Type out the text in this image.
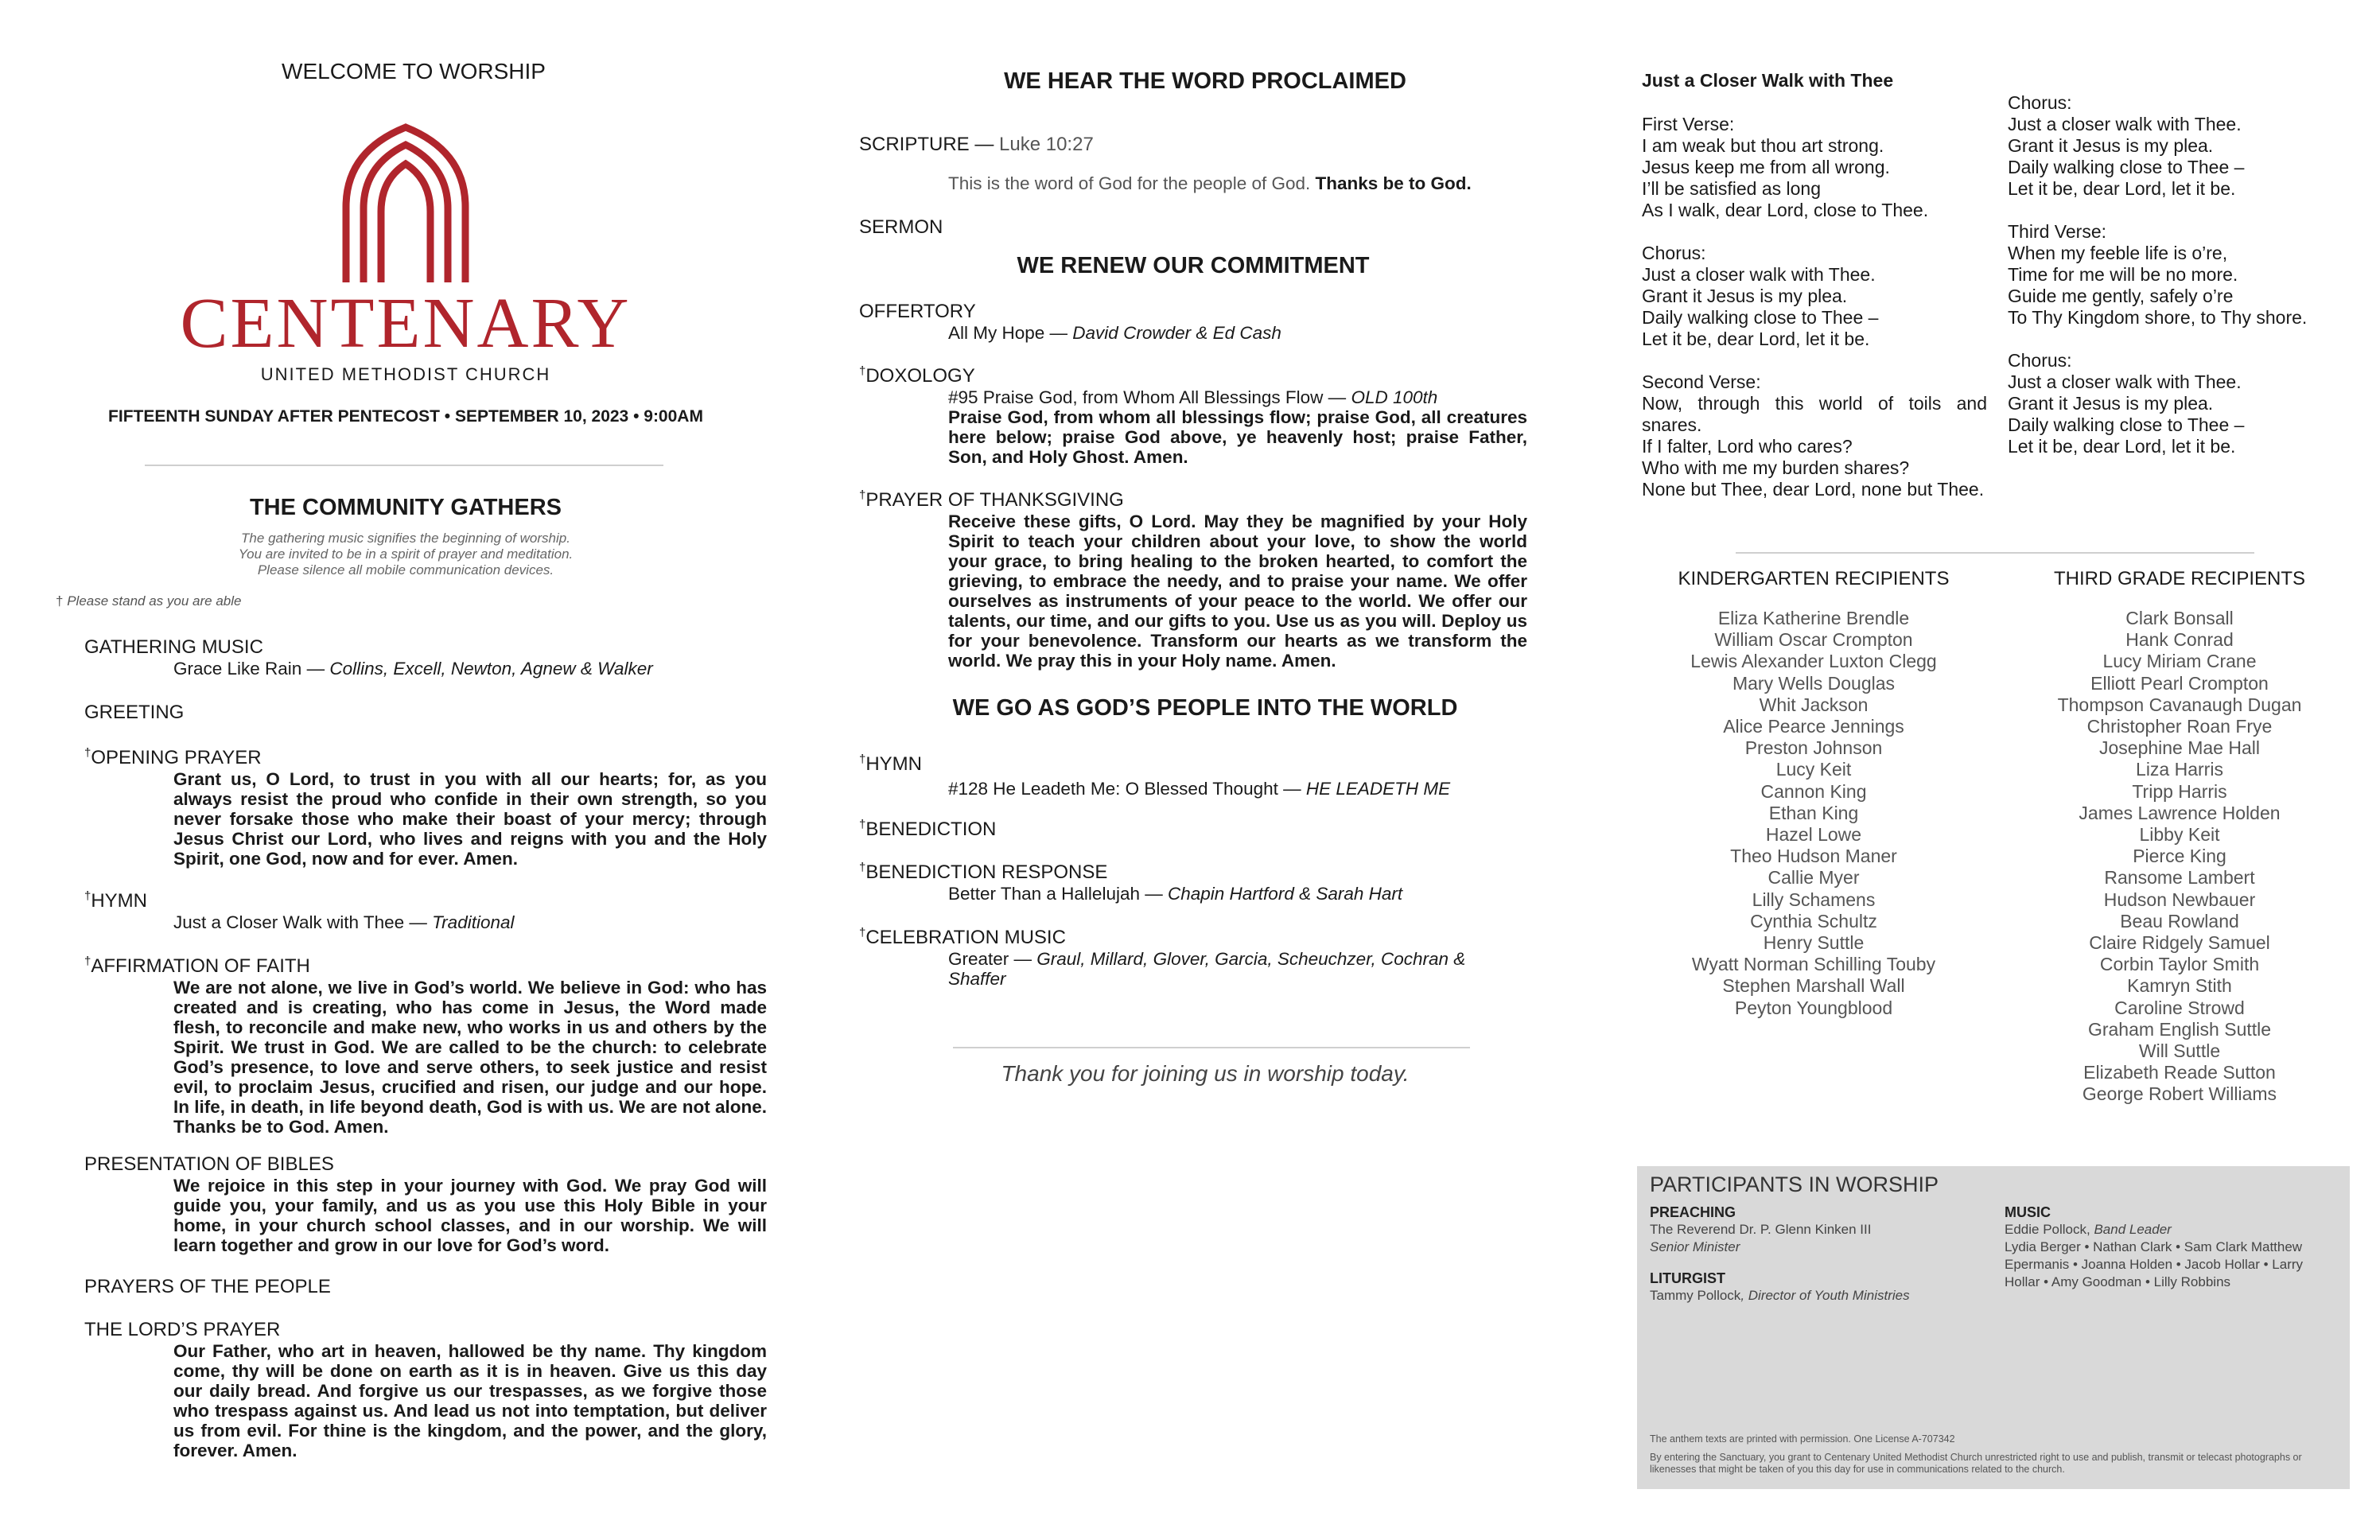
WELCOME TO WORSHIP
CENTENARY
UNITED METHODIST CHURCH
FIFTEENTH SUNDAY AFTER PENTECOST • SEPTEMBER 10, 2023 • 9:00AM
THE COMMUNITY GATHERS
The gathering music signifies the beginning of worship.
You are invited to be in a spirit of prayer and meditation.
Please silence all mobile communication devices.
† Please stand as you are able
GATHERING MUSIC
Grace Like Rain — Collins, Excell, Newton, Agnew & Walker
GREETING
†OPENING PRAYER
Grant us, O Lord, to trust in you with all our hearts; for, as you always resist the proud who confide in their own strength, so you never forsake those who make their boast of your mercy; through Jesus Christ our Lord, who lives and reigns with you and the Holy Spirit, one God, now and for ever. Amen.
†HYMN
Just a Closer Walk with Thee — Traditional
†AFFIRMATION OF FAITH
We are not alone, we live in God’s world. We believe in God: who has created and is creating, who has come in Jesus, the Word made flesh, to reconcile and make new, who works in us and others by the Spirit. We trust in God. We are called to be the church: to celebrate God’s presence, to love and serve others, to seek justice and resist evil, to proclaim Jesus, crucified and risen, our judge and our hope. In life, in death, in life beyond death, God is with us. We are not alone. Thanks be to God. Amen.
PRESENTATION OF BIBLES
We rejoice in this step in your journey with God. We pray God will guide you, your family, and us as you use this Holy Bible in your home, in your church school classes, and in our worship. We will learn together and grow in our love for God’s word.
PRAYERS OF THE PEOPLE
THE LORD’S PRAYER
Our Father, who art in heaven, hallowed be thy name. Thy kingdom come, thy will be done on earth as it is in heaven. Give us this day our daily bread. And forgive us our trespasses, as we forgive those who trespass against us. And lead us not into temptation, but deliver us from evil. For thine is the kingdom, and the power, and the glory, forever. Amen.
WE HEAR THE WORD PROCLAIMED
SCRIPTURE — Luke 10:27
This is the word of God for the people of God. Thanks be to God.
SERMON
WE RENEW OUR COMMITMENT
OFFERTORY
All My Hope — David Crowder & Ed Cash
†DOXOLOGY
#95 Praise God, from Whom All Blessings Flow — OLD 100th
Praise God, from whom all blessings flow; praise God, all creatures here below; praise God above, ye heavenly host; praise Father, Son, and Holy Ghost. Amen.
†PRAYER OF THANKSGIVING
Receive these gifts, O Lord. May they be magnified by your Holy Spirit to teach your children about your love, to show the world your grace, to bring healing to the broken hearted, to comfort the grieving, to embrace the needy, and to praise your name. We offer ourselves as instruments of your peace to the world. We offer our talents, our time, and our gifts to you. Use us as you will. Deploy us for your benevolence. Transform our hearts as we transform the world. We pray this in your Holy name. Amen.
WE GO AS GOD’S PEOPLE INTO THE WORLD
†HYMN
#128 He Leadeth Me: O Blessed Thought — HE LEADETH ME
†BENEDICTION
†BENEDICTION RESPONSE
Better Than a Hallelujah — Chapin Hartford & Sarah Hart
†CELEBRATION MUSIC
Greater — Graul, Millard, Glover, Garcia, Scheuchzer, Cochran & Shaffer
Thank you for joining us in worship today.
Just a Closer Walk with Thee
First Verse:
I am weak but thou art strong.
Jesus keep me from all wrong.
I’ll be satisfied as long
As I walk, dear Lord, close to Thee.
Chorus:
Just a closer walk with Thee.
Grant it Jesus is my plea.
Daily walking close to Thee –
Let it be, dear Lord, let it be.
Second Verse:
Now, through this world of toils and snares.
If I falter, Lord who cares?
Who with me my burden shares?
None but Thee, dear Lord, none but Thee.
Chorus:
Just a closer walk with Thee.
Grant it Jesus is my plea.
Daily walking close to Thee –
Let it be, dear Lord, let it be.
Third Verse:
When my feeble life is o’re,
Time for me will be no more.
Guide me gently, safely o’re
To Thy Kingdom shore, to Thy shore.
Chorus:
Just a closer walk with Thee.
Grant it Jesus is my plea.
Daily walking close to Thee –
Let it be, dear Lord, let it be.
KINDERGARTEN RECIPIENTS
Eliza Katherine Brendle
William Oscar Crompton
Lewis Alexander Luxton Clegg
Mary Wells Douglas
Whit Jackson
Alice Pearce Jennings
Preston Johnson
Lucy Keit
Cannon King
Ethan King
Hazel Lowe
Theo Hudson Maner
Callie Myer
Lilly Schamens
Cynthia Schultz
Henry Suttle
Wyatt Norman Schilling Touby
Stephen Marshall Wall
Peyton Youngblood
THIRD GRADE RECIPIENTS
Clark Bonsall
Hank Conrad
Lucy Miriam Crane
Elliott Pearl Crompton
Thompson Cavanaugh Dugan
Christopher Roan Frye
Josephine Mae Hall
Liza Harris
Tripp Harris
James Lawrence Holden
Libby Keit
Pierce King
Ransome Lambert
Hudson Newbauer
Beau Rowland
Claire Ridgely Samuel
Corbin Taylor Smith
Kamryn Stith
Caroline Strowd
Graham English Suttle
Will Suttle
Elizabeth Reade Sutton
George Robert Williams
PARTICIPANTS IN WORSHIP
PREACHING
The Reverend Dr. P. Glenn Kinken III
Senior Minister
LITURGIST
Tammy Pollock, Director of Youth Ministries
MUSIC
Eddie Pollock, Band Leader
Lydia Berger • Nathan Clark • Sam Clark Matthew Epermanis • Joanna Holden • Jacob Hollar • Larry Hollar • Amy Goodman • Lilly Robbins
The anthem texts are printed with permission. One License A-707342
By entering the Sanctuary, you grant to Centenary United Methodist Church unrestricted right to use and publish, transmit or telecast photographs or likenesses that might be taken of you this day for use in communications related to the church.
